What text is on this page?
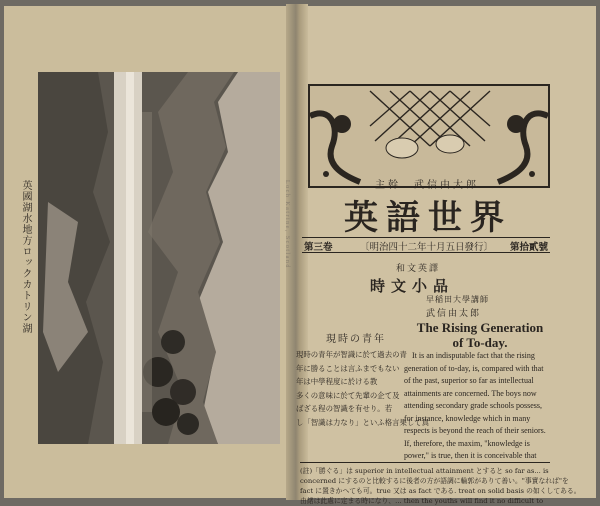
英國湖水地方ロックカトリン湖	Loch Katrine, Scotland	主幹　武信由太郎
英語世界
第三卷	〔明治四十二年十月五日發行〕 第拾貳號
和文英譯
時文小品
早稲田大學講師
武信由太郎
現時の青年
現時の青年が智識に於て過去の青
年に勝ることは言ふまでもない
年は中學程度に於ける教
多くの意味に於て先輩の企て及
ばざる程の智識を有せり。若
し「智識は力なり」といふ格言果して真
The Rising Generation of To-day.
It is an indisputable fact that the rising
generation of to-day, is, compared with that
of the past, superior so far as intellectual
attainments are concerned. The boys now
attending secondary grade schools possess,
for instance, knowledge which in many
respects is beyond the reach of their seniors.
If, therefore, the maxim, "knowledge is
power," is true, then it is conceivable that
(註)「勝ぐる」は superior in intellectual attainment とすると so far as... is
concerned にするのと比較するに後者の方が語調に輪郭がありて善い。"事實なれば"を
fact に置きかへても可。true 又は as fact である. treat on solid basis の如くしてある。
由緒は此處に定まる時になり、... then the youths will find it no difficult to
